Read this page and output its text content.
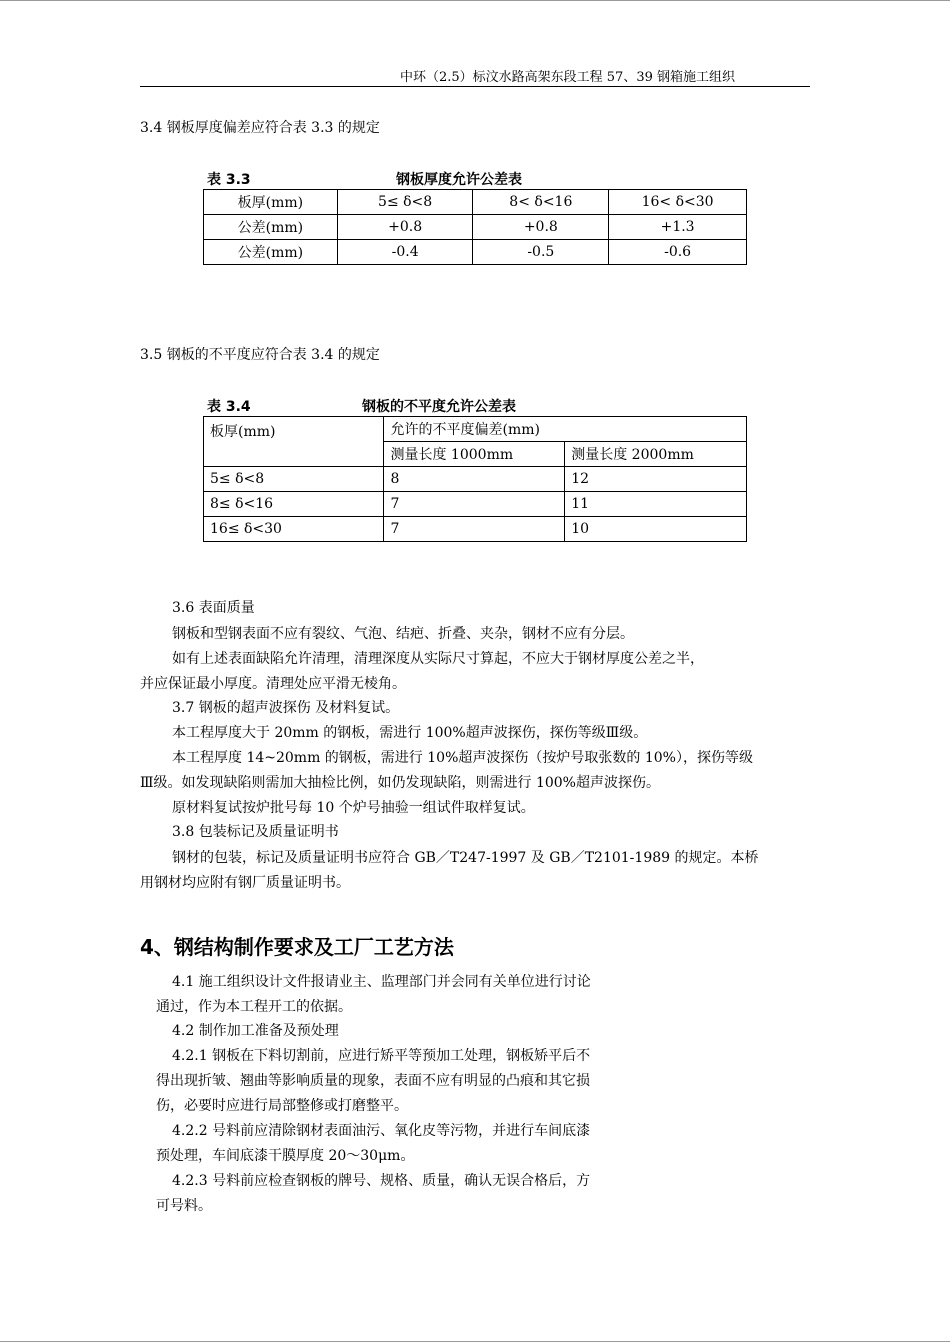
中环（2.5）标汶水路高架东段工程 57、39 钢箱施工组织
3.4 钢板厚度偏差应符合表 3.3 的规定
表 3.3	钢板厚度允许公差表
板厚(mm)	5≤ δ<8	8< δ<16	16< δ<30
公差(mm)	+0.8	+0.8	+1.3
公差(mm)	-0.4	-0.5	-0.6
3.5 钢板的不平度应符合表 3.4 的规定
表 3.4	钢板的不平度允许公差表
板厚(mm)	允许的不平度偏差(mm)	
	测量长度 1000mm	测量长度 2000mm
5≤ δ<8	8	12
8≤ δ<16	7	11
16≤ δ<30	7	10
3.6 表面质量
钢板和型钢表面不应有裂纹、气泡、结疤、折叠、夹杂，钢材不应有分层。
如有上述表面缺陷允许清理，清理深度从实际尺寸算起，不应大于钢材厚度公差之半，
并应保证最小厚度。清理处应平滑无棱角。
3.7 钢板的超声波探伤 及材料复试。
本工程厚度大于 20mm 的钢板，需进行 100%超声波探伤，探伤等级Ⅲ级。
本工程厚度 14~20mm 的钢板，需进行 10%超声波探伤（按炉号取张数的 10%），探伤等级
Ⅲ级。如发现缺陷则需加大抽检比例，如仍发现缺陷，则需进行 100%超声波探伤。
原材料复试按炉批号每 10 个炉号抽验一组试件取样复试。
3.8 包装标记及质量证明书
钢材的包装，标记及质量证明书应符合 GB／T247-1997 及 GB／T2101-1989 的规定。本桥
用钢材均应附有钢厂质量证明书。
4、钢结构制作要求及工厂工艺方法
4.1 施工组织设计文件报请业主、监理部门并会同有关单位进行讨论
通过，作为本工程开工的依据。
4.2 制作加工准备及预处理
4.2.1 钢板在下料切割前，应进行矫平等预加工处理，钢板矫平后不
得出现折皱、翘曲等影响质量的现象，表面不应有明显的凸痕和其它损
伤，必要时应进行局部整修或打磨整平。
4.2.2 号料前应清除钢材表面油污、氧化皮等污物，并进行车间底漆
预处理，车间底漆干膜厚度 20～30μm。
4.2.3 号料前应检查钢板的牌号、规格、质量，确认无误合格后，方
可号料。
